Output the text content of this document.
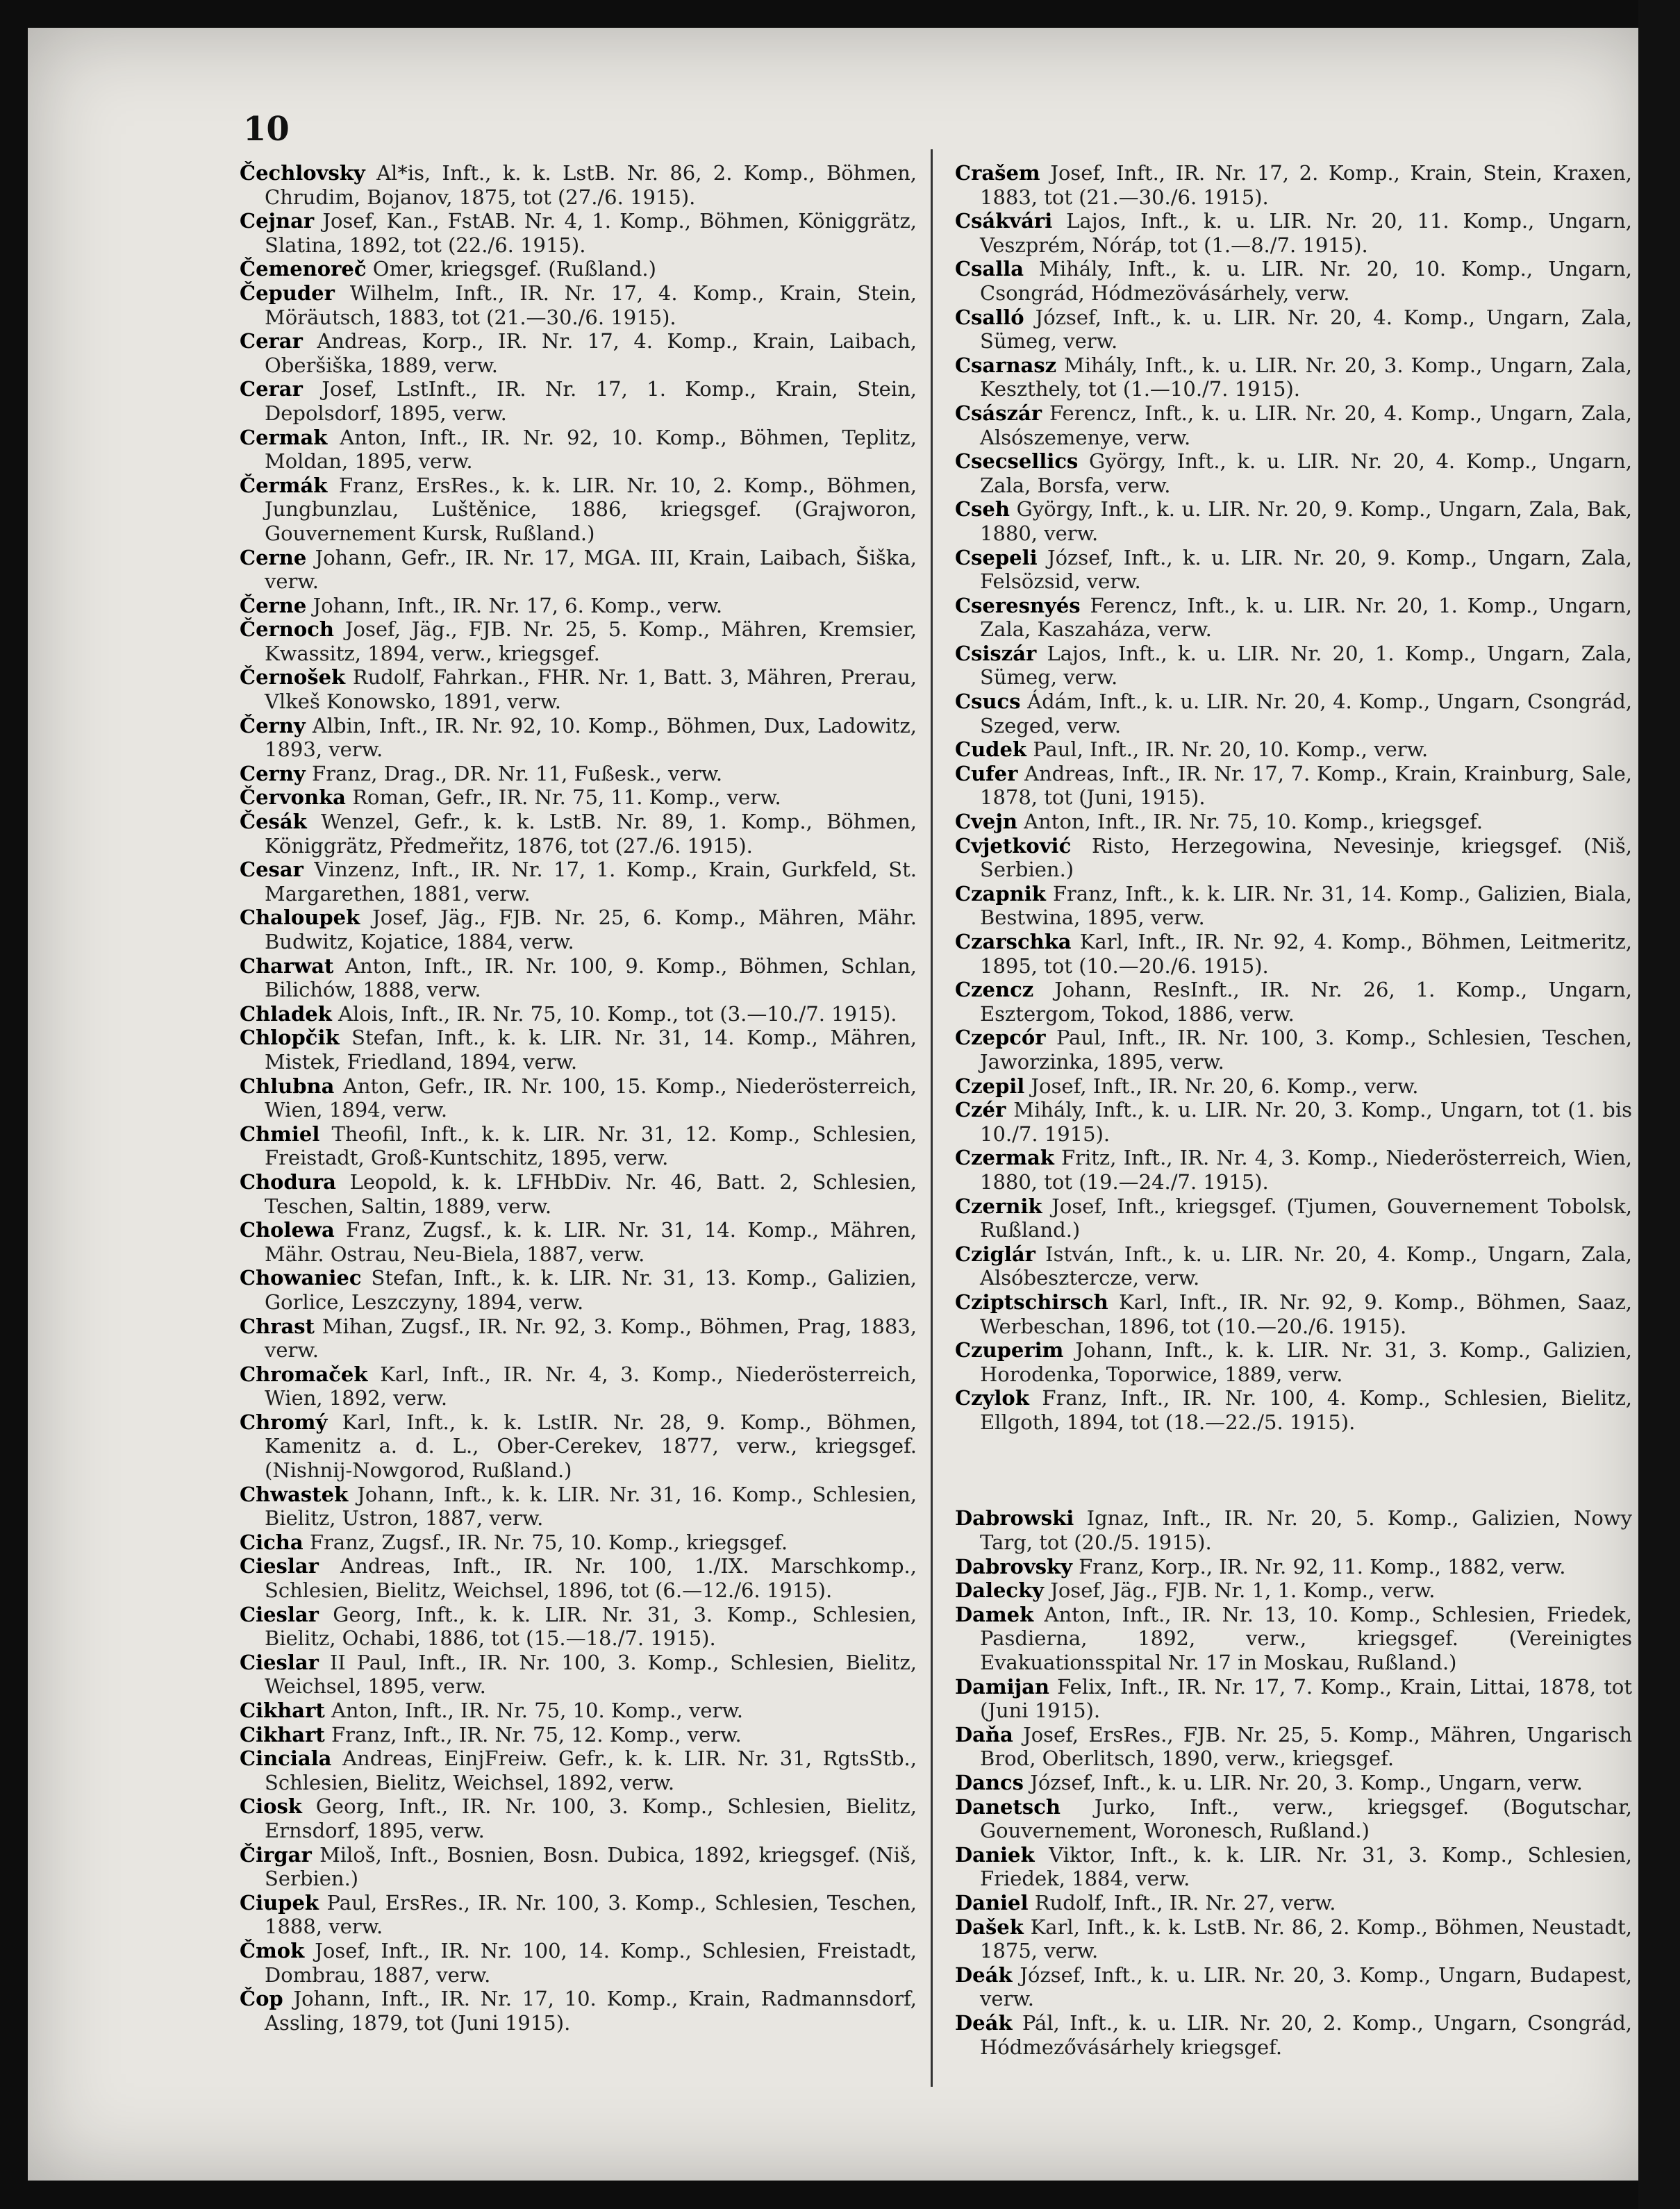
10

Čechlovsky Al*is, Inft., k. k. LstB. Nr. 86, 2. Komp., Böhmen, Chrudim, Bojanov, 1875, tot (27./6. 1915).

Cejnar Josef, Kan., FstAB. Nr. 4, 1. Komp., Böhmen, Königgrätz, Slatina, 1892, tot (22./6. 1915).

Čemenoreč Omer, kriegsgef. (Rußland.)

Čepuder Wilhelm, Inft., IR. Nr. 17, 4. Komp., Krain, Stein, Möräutsch, 1883, tot (21.—30./6. 1915).

Cerar Andreas, Korp., IR. Nr. 17, 4. Komp., Krain, Laibach, Oberšiška, 1889, verw.

Cerar Josef, LstInft., IR. Nr. 17, 1. Komp., Krain, Stein, Depolsdorf, 1895, verw.

Cermak Anton, Inft., IR. Nr. 92, 10. Komp., Böhmen, Teplitz, Moldan, 1895, verw.

Čermák Franz, ErsRes., k. k. LIR. Nr. 10, 2. Komp., Böhmen, Jungbunzlau, Luštěnice, 1886, kriegsgef. (Grajworon, Gouvernement Kursk, Rußland.)

Cerne Johann, Gefr., IR. Nr. 17, MGA. III, Krain, Laibach, Šiška, verw.

Černe Johann, Inft., IR. Nr. 17, 6. Komp., verw.

Černoch Josef, Jäg., FJB. Nr. 25, 5. Komp., Mähren, Kremsier, Kwassitz, 1894, verw., kriegsgef.

Černošek Rudolf, Fahrkan., FHR. Nr. 1, Batt. 3, Mähren, Prerau, Vlkeš Konowsko, 1891, verw.

Černy Albin, Inft., IR. Nr. 92, 10. Komp., Böhmen, Dux, Ladowitz, 1893, verw.

Cerny Franz, Drag., DR. Nr. 11, Fußesk., verw.

Červonka Roman, Gefr., IR. Nr. 75, 11. Komp., verw.

Česák Wenzel, Gefr., k. k. LstB. Nr. 89, 1. Komp., Böhmen, Königgrätz, Předmeřitz, 1876, tot (27./6. 1915).

Cesar Vinzenz, Inft., IR. Nr. 17, 1. Komp., Krain, Gurkfeld, St. Margarethen, 1881, verw.

Chaloupek Josef, Jäg., FJB. Nr. 25, 6. Komp., Mähren, Mähr. Budwitz, Kojatice, 1884, verw.

Charwat Anton, Inft., IR. Nr. 100, 9. Komp., Böhmen, Schlan, Bilichów, 1888, verw.

Chladek Alois, Inft., IR. Nr. 75, 10. Komp., tot (3.—10./7. 1915).

Chlopčik Stefan, Inft., k. k. LIR. Nr. 31, 14. Komp., Mähren, Mistek, Friedland, 1894, verw.

Chlubna Anton, Gefr., IR. Nr. 100, 15. Komp., Niederösterreich, Wien, 1894, verw.

Chmiel Theofil, Inft., k. k. LIR. Nr. 31, 12. Komp., Schlesien, Freistadt, Groß-Kuntschitz, 1895, verw.

Chodura Leopold, k. k. LFHbDiv. Nr. 46, Batt. 2, Schlesien, Teschen, Saltin, 1889, verw.

Cholewa Franz, Zugsf., k. k. LIR. Nr. 31, 14. Komp., Mähren, Mähr. Ostrau, Neu-Biela, 1887, verw.

Chowaniec Stefan, Inft., k. k. LIR. Nr. 31, 13. Komp., Galizien, Gorlice, Leszczyny, 1894, verw.

Chrast Mihan, Zugsf., IR. Nr. 92, 3. Komp., Böhmen, Prag, 1883, verw.

Chromaček Karl, Inft., IR. Nr. 4, 3. Komp., Niederösterreich, Wien, 1892, verw.

Chromý Karl, Inft., k. k. LstIR. Nr. 28, 9. Komp., Böhmen, Kamenitz a. d. L., Ober-Cerekev, 1877, verw., kriegsgef. (Nishnij-Nowgorod, Rußland.)

Chwastek Johann, Inft., k. k. LIR. Nr. 31, 16. Komp., Schlesien, Bielitz, Ustron, 1887, verw.

Cicha Franz, Zugsf., IR. Nr. 75, 10. Komp., kriegsgef.

Cieslar Andreas, Inft., IR. Nr. 100, 1./IX. Marschkomp., Schlesien, Bielitz, Weichsel, 1896, tot (6.—12./6. 1915).

Cieslar Georg, Inft., k. k. LIR. Nr. 31, 3. Komp., Schlesien, Bielitz, Ochabi, 1886, tot (15.—18./7. 1915).

Cieslar II Paul, Inft., IR. Nr. 100, 3. Komp., Schlesien, Bielitz, Weichsel, 1895, verw.

Cikhart Anton, Inft., IR. Nr. 75, 10. Komp., verw.

Cikhart Franz, Inft., IR. Nr. 75, 12. Komp., verw.

Cinciala Andreas, EinjFreiw. Gefr., k. k. LIR. Nr. 31, RgtsStb., Schlesien, Bielitz, Weichsel, 1892, verw.

Ciosk Georg, Inft., IR. Nr. 100, 3. Komp., Schlesien, Bielitz, Ernsdorf, 1895, verw.

Čirgar Miloš, Inft., Bosnien, Bosn. Dubica, 1892, kriegsgef. (Niš, Serbien.)

Ciupek Paul, ErsRes., IR. Nr. 100, 3. Komp., Schlesien, Teschen, 1888, verw.

Čmok Josef, Inft., IR. Nr. 100, 14. Komp., Schlesien, Freistadt, Dombrau, 1887, verw.

Čop Johann, Inft., IR. Nr. 17, 10. Komp., Krain, Radmannsdorf, Assling, 1879, tot (Juni 1915).

Crašem Josef, Inft., IR. Nr. 17, 2. Komp., Krain, Stein, Kraxen, 1883, tot (21.—30./6. 1915).

Csákvári Lajos, Inft., k. u. LIR. Nr. 20, 11. Komp., Ungarn, Veszprém, Nóráp, tot (1.—8./7. 1915).

Csalla Mihály, Inft., k. u. LIR. Nr. 20, 10. Komp., Ungarn, Csongrád, Hódmezövásárhely, verw.

Csalló József, Inft., k. u. LIR. Nr. 20, 4. Komp., Ungarn, Zala, Sümeg, verw.

Csarnasz Mihály, Inft., k. u. LIR. Nr. 20, 3. Komp., Ungarn, Zala, Keszthely, tot (1.—10./7. 1915).

Császár Ferencz, Inft., k. u. LIR. Nr. 20, 4. Komp., Ungarn, Zala, Alsószemenye, verw.

Csecsellics György, Inft., k. u. LIR. Nr. 20, 4. Komp., Ungarn, Zala, Borsfa, verw.

Cseh György, Inft., k. u. LIR. Nr. 20, 9. Komp., Ungarn, Zala, Bak, 1880, verw.

Csepeli József, Inft., k. u. LIR. Nr. 20, 9. Komp., Ungarn, Zala, Felsözsid, verw.

Cseresnyés Ferencz, Inft., k. u. LIR. Nr. 20, 1. Komp., Ungarn, Zala, Kaszaháza, verw.

Csiszár Lajos, Inft., k. u. LIR. Nr. 20, 1. Komp., Ungarn, Zala, Sümeg, verw.

Csucs Ádám, Inft., k. u. LIR. Nr. 20, 4. Komp., Ungarn, Csongrád, Szeged, verw.

Cudek Paul, Inft., IR. Nr. 20, 10. Komp., verw.

Cufer Andreas, Inft., IR. Nr. 17, 7. Komp., Krain, Krainburg, Sale, 1878, tot (Juni, 1915).

Cvejn Anton, Inft., IR. Nr. 75, 10. Komp., kriegsgef.

Cvjetković Risto, Herzegowina, Nevesinje, kriegsgef. (Niš, Serbien.)

Czapnik Franz, Inft., k. k. LIR. Nr. 31, 14. Komp., Galizien, Biala, Bestwina, 1895, verw.

Czarschka Karl, Inft., IR. Nr. 92, 4. Komp., Böhmen, Leitmeritz, 1895, tot (10.—20./6. 1915).

Czencz Johann, ResInft., IR. Nr. 26, 1. Komp., Ungarn, Esztergom, Tokod, 1886, verw.

Czepcór Paul, Inft., IR. Nr. 100, 3. Komp., Schlesien, Teschen, Jaworzinka, 1895, verw.

Czepil Josef, Inft., IR. Nr. 20, 6. Komp., verw.

Czér Mihály, Inft., k. u. LIR. Nr. 20, 3. Komp., Ungarn, tot (1. bis 10./7. 1915).

Czermak Fritz, Inft., IR. Nr. 4, 3. Komp., Niederösterreich, Wien, 1880, tot (19.—24./7. 1915).

Czernik Josef, Inft., kriegsgef. (Tjumen, Gouvernement Tobolsk, Rußland.)

Cziglár István, Inft., k. u. LIR. Nr. 20, 4. Komp., Ungarn, Zala, Alsóbesztercze, verw.

Cziptschirsch Karl, Inft., IR. Nr. 92, 9. Komp., Böhmen, Saaz, Werbeschan, 1896, tot (10.—20./6. 1915).

Czuperim Johann, Inft., k. k. LIR. Nr. 31, 3. Komp., Galizien, Horodenka, Toporwice, 1889, verw.

Czylok Franz, Inft., IR. Nr. 100, 4. Komp., Schlesien, Bielitz, Ellgoth, 1894, tot (18.—22./5. 1915).

Dabrowski Ignaz, Inft., IR. Nr. 20, 5. Komp., Galizien, Nowy Targ, tot (20./5. 1915).

Dabrovsky Franz, Korp., IR. Nr. 92, 11. Komp., 1882, verw.

Dalecky Josef, Jäg., FJB. Nr. 1, 1. Komp., verw.

Damek Anton, Inft., IR. Nr. 13, 10. Komp., Schlesien, Friedek, Pasdierna, 1892, verw., kriegsgef. (Vereinigtes Evakuationsspital Nr. 17 in Moskau, Rußland.)

Damijan Felix, Inft., IR. Nr. 17, 7. Komp., Krain, Littai, 1878, tot (Juni 1915).

Daňa Josef, ErsRes., FJB. Nr. 25, 5. Komp., Mähren, Ungarisch Brod, Oberlitsch, 1890, verw., kriegsgef.

Dancs József, Inft., k. u. LIR. Nr. 20, 3. Komp., Ungarn, verw.

Danetsch Jurko, Inft., verw., kriegsgef. (Bogutschar, Gouvernement, Woronesch, Rußland.)

Daniek Viktor, Inft., k. k. LIR. Nr. 31, 3. Komp., Schlesien, Friedek, 1884, verw.

Daniel Rudolf, Inft., IR. Nr. 27, verw.

Dašek Karl, Inft., k. k. LstB. Nr. 86, 2. Komp., Böhmen, Neustadt, 1875, verw.

Deák József, Inft., k. u. LIR. Nr. 20, 3. Komp., Ungarn, Budapest, verw.

Deák Pál, Inft., k. u. LIR. Nr. 20, 2. Komp., Ungarn, Csongrád, Hódmezővásárhely kriegsgef.
